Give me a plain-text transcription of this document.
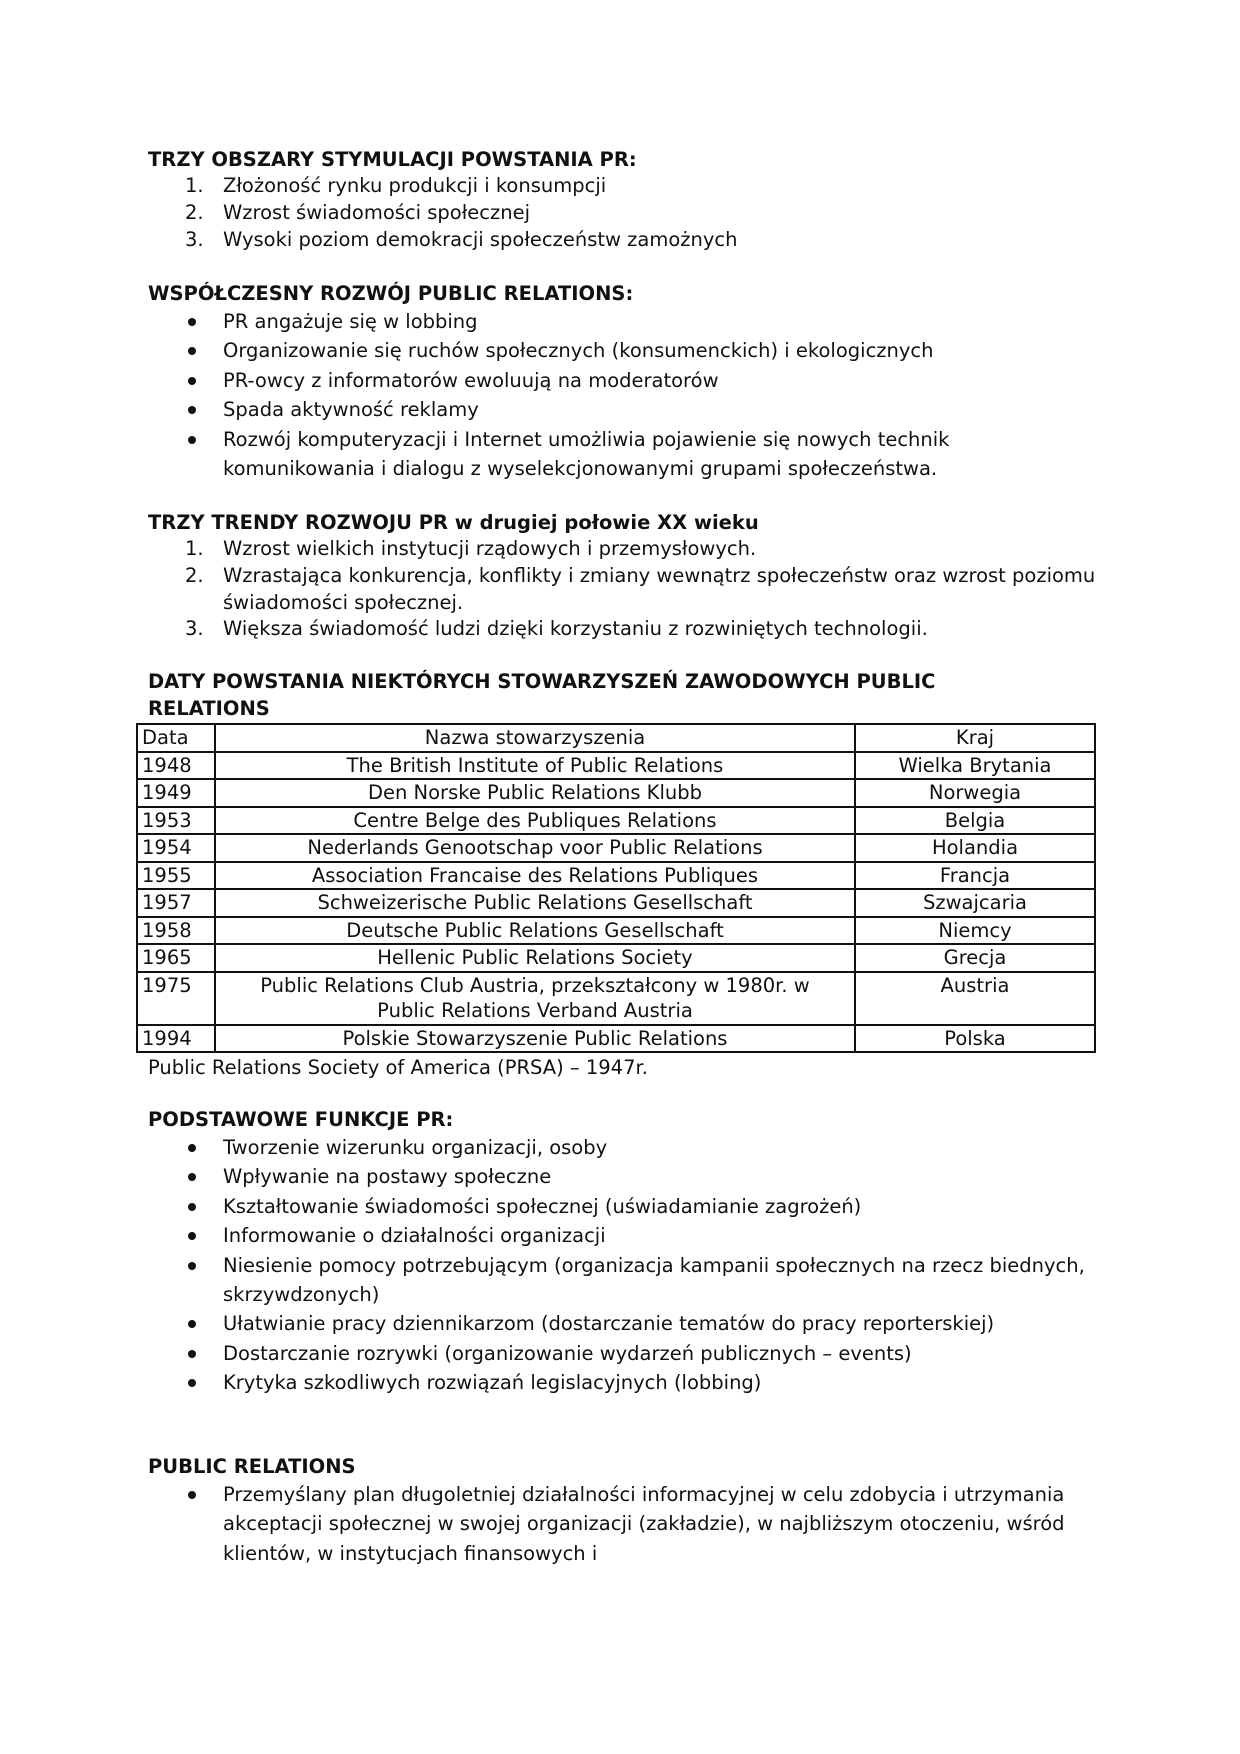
TRZY OBSZARY STYMULACJI POWSTANIA PR:
1. Złożoność rynku produkcji i konsumpcji
2. Wzrost świadomości społecznej
3. Wysoki poziom demokracji społeczeństw zamożnych
WSPÓŁCZESNY ROZWÓJ PUBLIC RELATIONS:
PR angażuje się w lobbing
Organizowanie się ruchów społecznych (konsumenckich) i ekologicznych
PR-owcy z informatorów ewoluują na moderatorów
Spada aktywność reklamy
Rozwój komputeryzacji i Internet umożliwia pojawienie się nowych technik komunikowania i dialogu z wyselekcjonowanymi grupami społeczeństwa.
TRZY TRENDY ROZWOJU PR w drugiej połowie XX wieku
1. Wzrost wielkich instytucji rządowych i przemysłowych.
2. Wzrastająca konkurencja, konflikty i zmiany wewnątrz społeczeństw oraz wzrost poziomu świadomości społecznej.
3. Większa świadomość ludzi dzięki korzystaniu z rozwiniętych technologii.
DATY POWSTANIA NIEKTÓRYCH STOWARZYSZEŃ ZAWODOWYCH PUBLIC
RELATIONS
Data	Nazwa stowarzyszenia	Kraj
1948	The British Institute of Public Relations	Wielka Brytania
1949	Den Norske Public Relations Klubb	Norwegia
1953	Centre Belge des Publiques Relations	Belgia
1954	Nederlands Genootschap voor Public Relations	Holandia
1955	Association Francaise des Relations Publiques	Francja
1957	Schweizerische Public Relations Gesellschaft	Szwajcaria
1958	Deutsche Public Relations Gesellschaft	Niemcy
1965	Hellenic Public Relations Society	Grecja
1975	Public Relations Club Austria, przekształcony w 1980r. w Public Relations Verband Austria	Austria
1994	Polskie Stowarzyszenie Public Relations	Polska
Public Relations Society of America (PRSA) – 1947r.
PODSTAWOWE FUNKCJE PR:
Tworzenie wizerunku organizacji, osoby
Wpływanie na postawy społeczne
Kształtowanie świadomości społecznej (uświadamianie zagrożeń)
Informowanie o działalności organizacji
Niesienie pomocy potrzebującym (organizacja kampanii społecznych na rzecz biednych, skrzywdzonych)
Ułatwianie pracy dziennikarzom (dostarczanie tematów do pracy reporterskiej)
Dostarczanie rozrywki (organizowanie wydarzeń publicznych – events)
Krytyka szkodliwych rozwiązań legislacyjnych (lobbing)
PUBLIC RELATIONS
Przemyślany plan długoletniej działalności informacyjnej w celu zdobycia i utrzymania akceptacji społecznej w swojej organizacji (zakładzie), w najbliższym otoczeniu, wśród klientów, w instytucjach finansowych i
